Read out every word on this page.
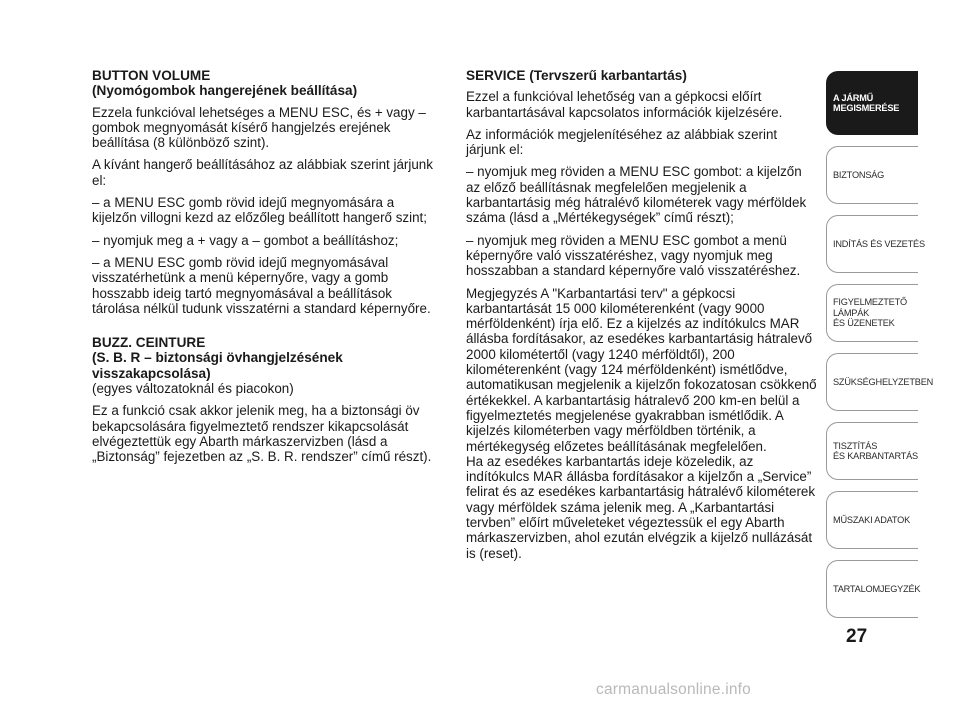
BUTTON VOLUME
(Nyomógombok hangerejének beállítása)

Ezzela funkcióval lehetséges a MENU ESC, és + vagy – gombok megnyomását kísérő hangjelzés erejének beállítása (8 különböző szint).

A kívánt hangerő beállításához az alábbiak szerint járjunk el:

– a MENU ESC gomb rövid idejű megnyomására a kijelzőn villogni kezd az előzőleg beállított hangerő szint;

– nyomjuk meg a + vagy a – gombot a beállításhoz;

– a MENU ESC gomb rövid idejű megnyomásával visszatérhetünk a menü képernyőre, vagy a gomb hosszabb ideig tartó megnyomásával a beállítások tárolása nélkül tudunk visszatérni a standard képernyőre.

BUZZ. CEINTURE
(S. B. R – biztonsági övhangjelzésének visszakapcsolása)

(egyes változatoknál és piacokon)

Ez a funkció csak akkor jelenik meg, ha a biztonsági öv bekapcsolására figyelmeztető rendszer kikapcsolását elvégeztettük egy Abarth márkaszervizben (lásd a „Biztonság” fejezetben az „S. B. R. rendszer” című részt).

SERVICE (Tervszerű karbantartás)

Ezzel a funkcióval lehetőség van a gépkocsi előírt karbantartásával kapcsolatos információk kijelzésére.

Az információk megjelenítéséhez az alábbiak szerint járjunk el:

– nyomjuk meg röviden a MENU ESC gombot: a kijelzőn az előző beállításnak megfelelően megjelenik a karbantartásig még hátralévő kilométerek vagy mérföldek száma (lásd a „Mértékegységek” című részt);

– nyomjuk meg röviden a MENU ESC gombot a menü képernyőre való visszatéréshez, vagy nyomjuk meg hosszabban a standard képernyőre való visszatéréshez.

Megjegyzés A "Karbantartási terv" a gépkocsi karbantartását 15 000 kilométerenként (vagy 9000 mérföldenként) írja elő. Ez a kijelzés az indítókulcs MAR állásba fordításakor, az esedékes karbantartásig hátralevő 2000 kilométertől (vagy 1240 mérföldtől), 200 kilométerenként (vagy 124 mérföldenként) ismétlődve, automatikusan megjelenik a kijelzőn fokozatosan csökkenő értékekkel. A karbantartásig hátralevő 200 km-en belül a figyelmeztetés megjelenése gyakrabban ismétlődik. A kijelzés kilométerben vagy mérföldben történik, a mértékegység előzetes beállításának megfelelően.

Ha az esedékes karbantartás ideje közeledik, az indítókulcs MAR állásba fordításakor a kijelzőn a „Service” felirat és az esedékes karbantartásig hátralévő kilométerek vagy mérföldek száma jelenik meg. A „Karbantartási tervben” előírt műveleteket végeztessük el egy Abarth márkaszervizben, ahol ezután elvégzik a kijelző nullázását is (reset).

A JÁRMŰ
MEGISMERÉSE
BIZTONSÁG
INDÍTÁS ÉS VEZETÉS
FIGYELMEZTETŐ
LÁMPÁK
ÉS ÜZENETEK
SZÜKSÉGHELYZETBEN
TISZTÍTÁS
ÉS KARBANTARTÁS
MŰSZAKI ADATOK
TARTALOMJEGYZÉK
27
carmanualsonline.info
